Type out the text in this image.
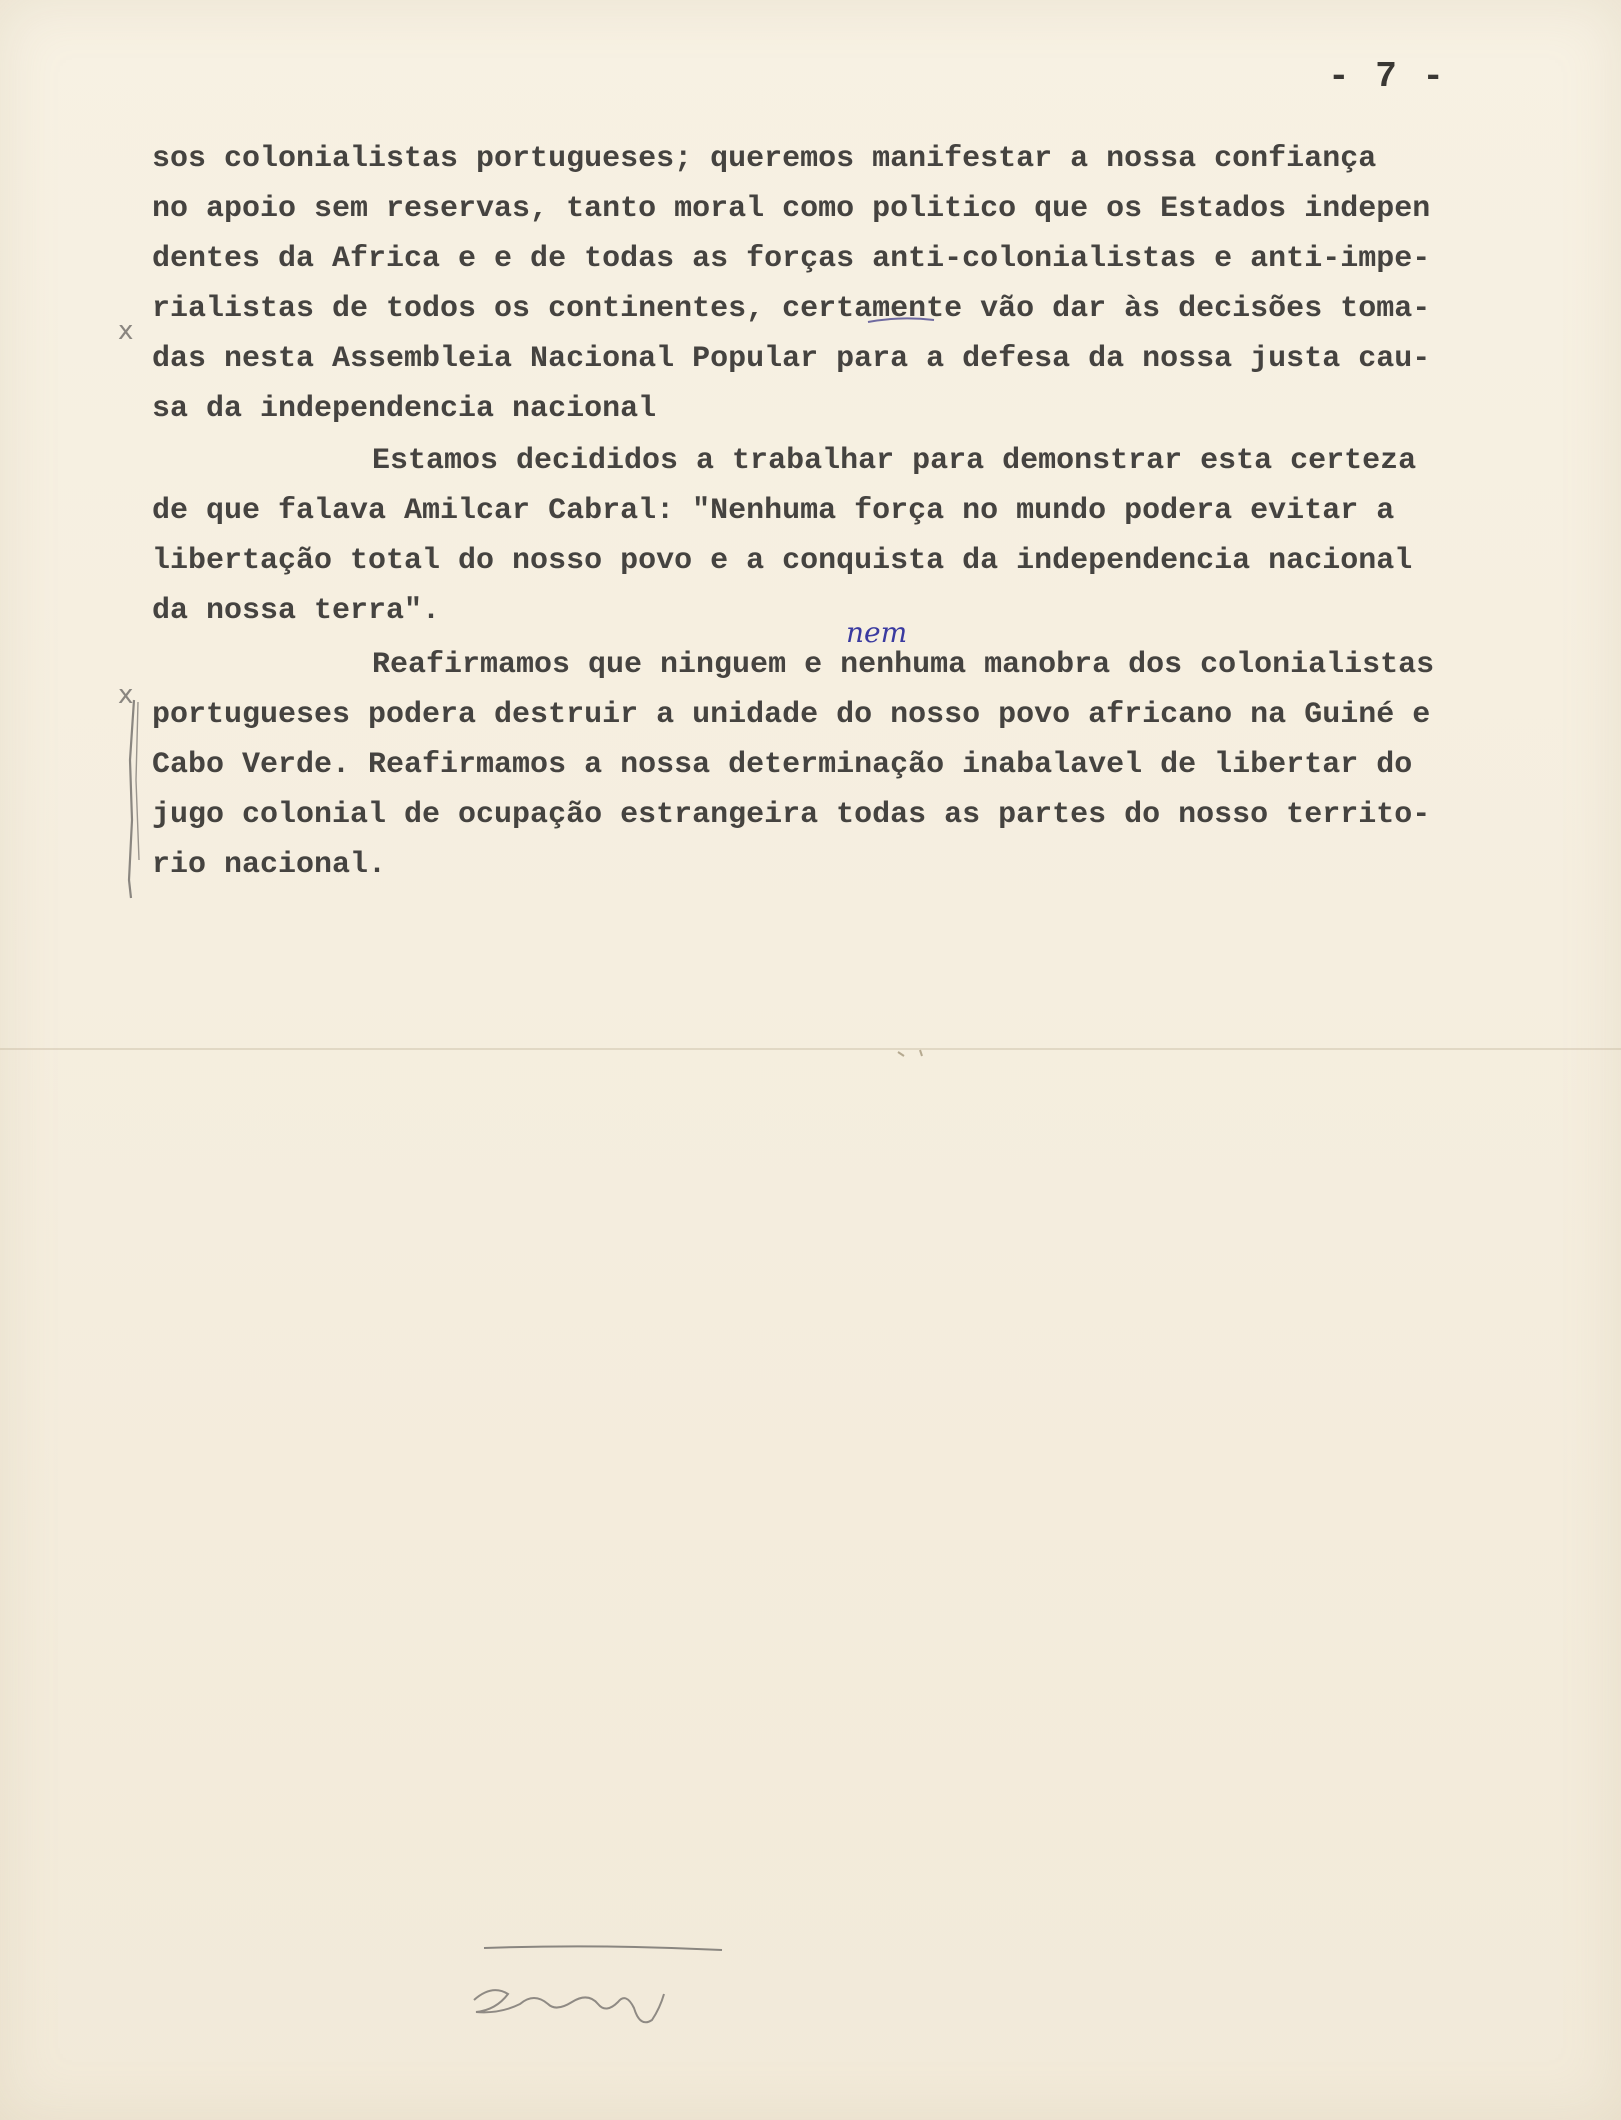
- 7 -
sos colonialistas portugueses; queremos manifestar a nossa confiança
no apoio sem reservas, tanto moral como politico que os Estados indepen
dentes da Africa e e de todas as forças anti-colonialistas e anti-impe-
rialistas de todos os continentes, certamente vão dar às decisões toma-
das nesta Assembleia Nacional Popular para a defesa da nossa justa cau-
sa da independencia nacional
Estamos decididos a trabalhar para demonstrar esta certeza
de que falava Amilcar Cabral: "Nenhuma força no mundo podera evitar a
libertação total do nosso povo e a conquista da independencia nacional
da nossa terra".
Reafirmamos que ninguem e nenhuma manobra dos colonialistas
portugueses podera destruir a unidade do nosso povo africano na Guiné e
Cabo Verde. Reafirmamos a nossa determinação inabalavel de libertar do
jugo colonial de ocupação estrangeira todas as partes do nosso territo-
rio nacional.
nem
x
x
